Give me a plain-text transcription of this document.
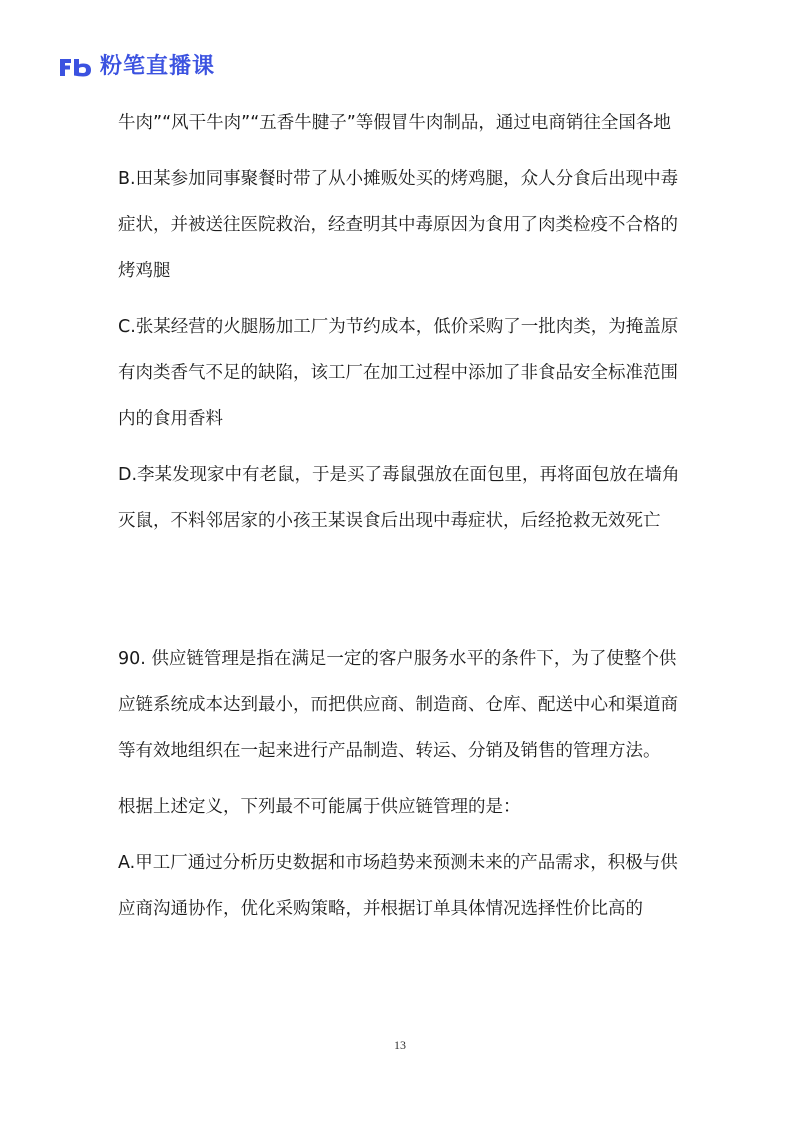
粉笔直播课

牛肉”“风干牛肉”“五香牛腱子”等假冒牛肉制品，通过电商销往全国各地

B.田某参加同事聚餐时带了从小摊贩处买的烤鸡腿，众人分食后出现中毒症状，并被送往医院救治，经查明其中毒原因为食用了肉类检疫不合格的烤鸡腿

C.张某经营的火腿肠加工厂为节约成本，低价采购了一批肉类，为掩盖原有肉类香气不足的缺陷，该工厂在加工过程中添加了非食品安全标准范围内的食用香料

D.李某发现家中有老鼠，于是买了毒鼠强放在面包里，再将面包放在墙角灭鼠，不料邻居家的小孩王某误食后出现中毒症状，后经抢救无效死亡

90. 供应链管理是指在满足一定的客户服务水平的条件下，为了使整个供应链系统成本达到最小，而把供应商、制造商、仓库、配送中心和渠道商等有效地组织在一起来进行产品制造、转运、分销及销售的管理方法。

根据上述定义，下列最不可能属于供应链管理的是：

A.甲工厂通过分析历史数据和市场趋势来预测未来的产品需求，积极与供应商沟通协作，优化采购策略，并根据订单具体情况选择性价比高的

13
